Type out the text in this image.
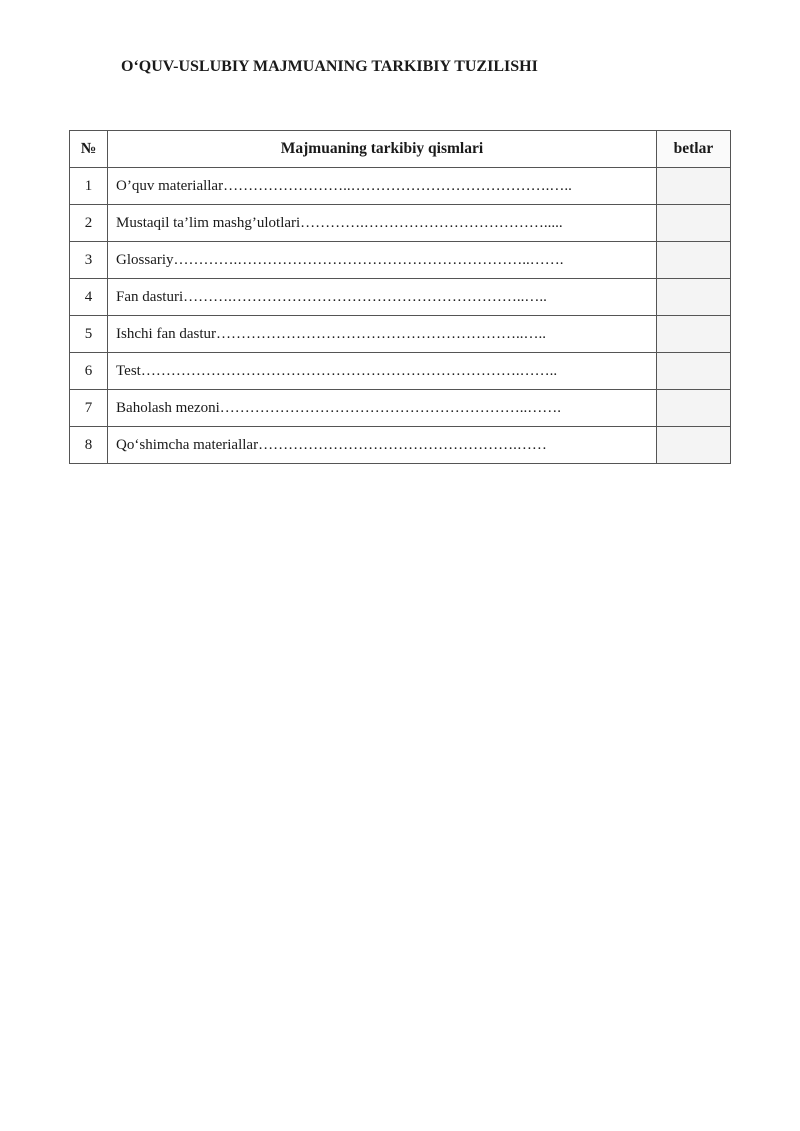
O‘QUV-USLUBIY MAJMUANING TARKIBIY TUZILISHI
№	Majmuaning tarkibiy qismlari	betlar
1	O’quv materiallar……………………..………………………………….…..	
2	Mustaqil ta’lim mashg’ulotlari………….……………………………….....	
3	Glossariy………….…………………………………………………..…….	
4	Fan dasturi……….…………………………………………………..…..	
5	Ishchi fan dastur……………………………………………………..…..	
6	Test………………………………………………………………….……..	
7	Baholash mezoni……………………………………………………..…….	
8	Qo‘shimcha materiallar…………………………………………….……	
